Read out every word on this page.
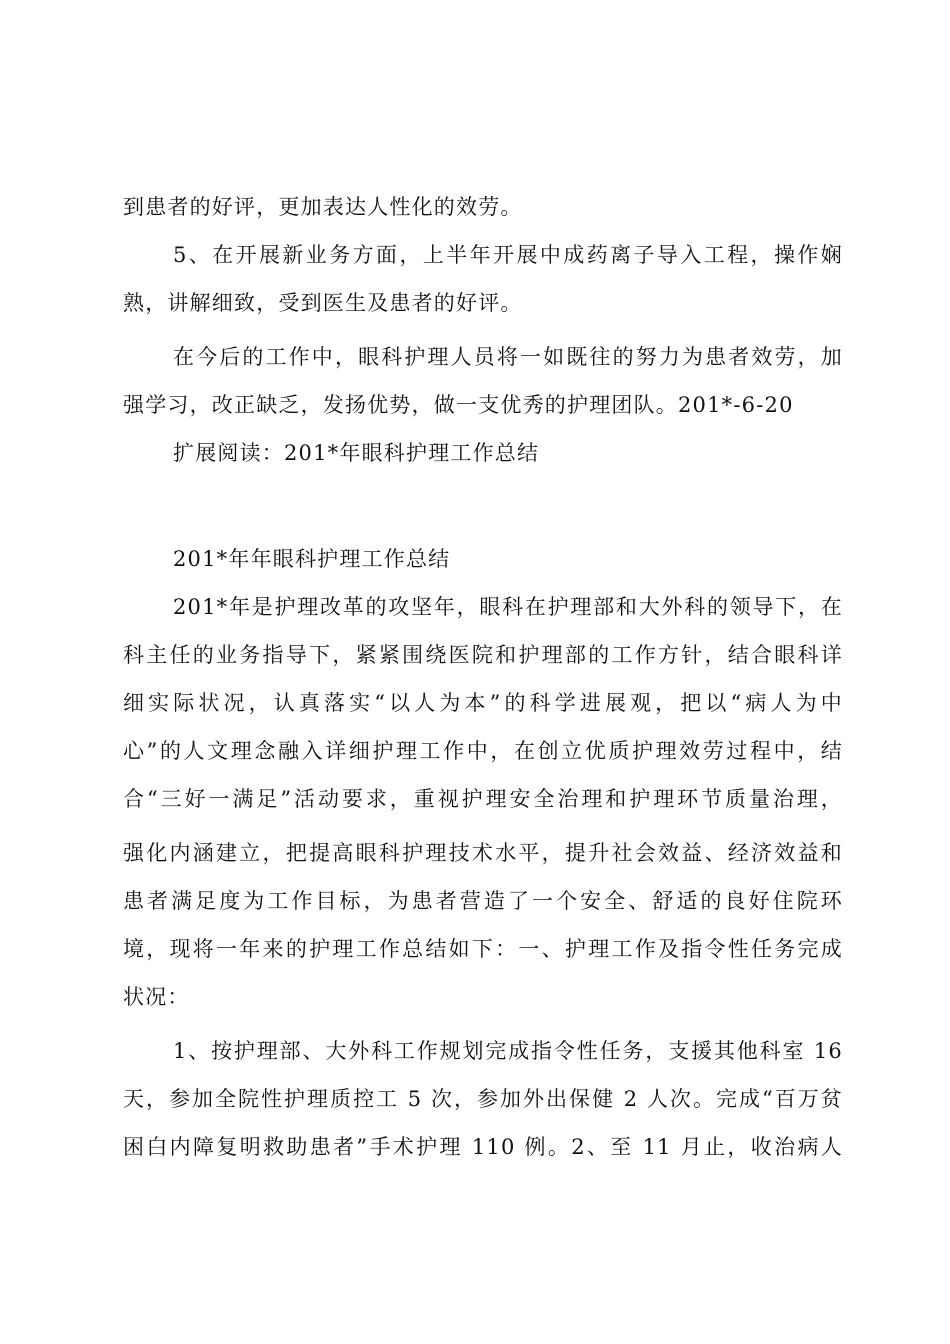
到患者的好评，更加表达人性化的效劳。
5、在开展新业务方面，上半年开展中成药离子导入工程，操作娴
熟，讲解细致，受到医生及患者的好评。
在今后的工作中，眼科护理人员将一如既往的努力为患者效劳，加
强学习，改正缺乏，发扬优势，做一支优秀的护理团队。201*-6-20
扩展阅读：201*年眼科护理工作总结
201*年年眼科护理工作总结
201*年是护理改革的攻坚年，眼科在护理部和大外科的领导下，在
科主任的业务指导下，紧紧围绕医院和护理部的工作方针，结合眼科详
细实际状况，认真落实“以人为本”的科学进展观，把以“病人为中
心”的人文理念融入详细护理工作中，在创立优质护理效劳过程中，结
合“三好一满足”活动要求，重视护理安全治理和护理环节质量治理，
强化内涵建立，把提高眼科护理技术水平，提升社会效益、经济效益和
患者满足度为工作目标，为患者营造了一个安全、舒适的良好住院环
境，现将一年来的护理工作总结如下：一、护理工作及指令性任务完成
状况：
1、按护理部、大外科工作规划完成指令性任务，支援其他科室 16
天，参加全院性护理质控工 5 次，参加外出保健 2 人次。完成“百万贫
困白内障复明救助患者”手术护理 110 例。2、至 11 月止，收治病人
